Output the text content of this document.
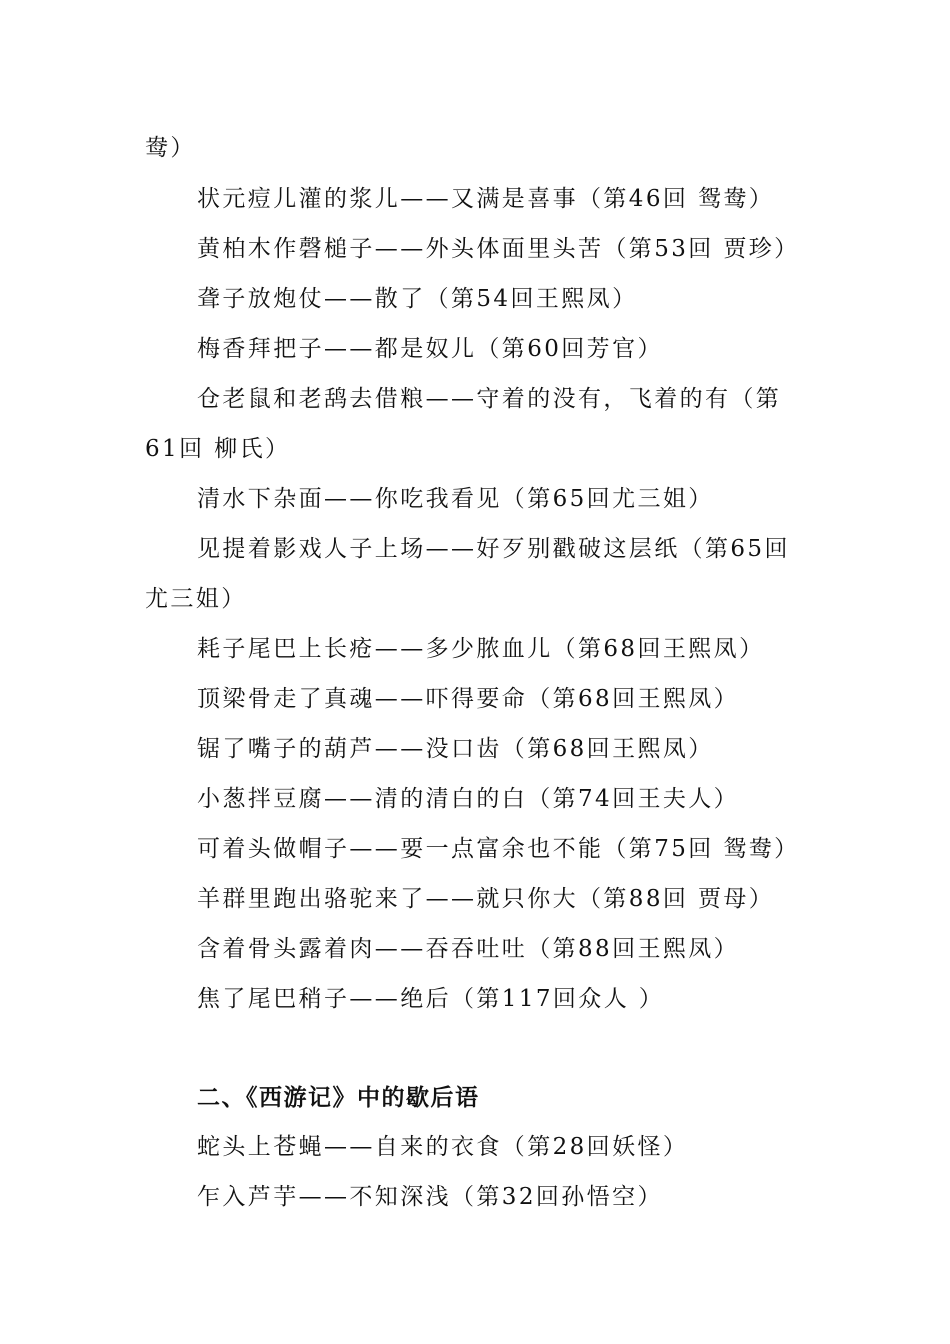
鸯）
状元痘儿灌的浆儿——又满是喜事（第46回 鸳鸯）
黄柏木作磬槌子——外头体面里头苦（第53回 贾珍）
聋子放炮仗——散了（第54回王熙凤）
梅香拜把子——都是奴儿（第60回芳官）
仓老鼠和老鸹去借粮——守着的没有，飞着的有（第
61回 柳氏）
清水下杂面——你吃我看见（第65回尤三姐）
见提着影戏人子上场——好歹别戳破这层纸（第65回
尤三姐）
耗子尾巴上长疮——多少脓血儿（第68回王熙凤）
顶梁骨走了真魂——吓得要命（第68回王熙凤）
锯了嘴子的葫芦——没口齿（第68回王熙凤）
小葱拌豆腐——清的清白的白（第74回王夫人）
可着头做帽子——要一点富余也不能（第75回 鸳鸯）
羊群里跑出骆驼来了——就只你大（第88回 贾母）
含着骨头露着肉——吞吞吐吐（第88回王熙凤）
焦了尾巴稍子——绝后（第117回众人 ）
二、《西游记》中的歇后语
蛇头上苍蝇——自来的衣食（第28回妖怪）
乍入芦芋——不知深浅（第32回孙悟空）
